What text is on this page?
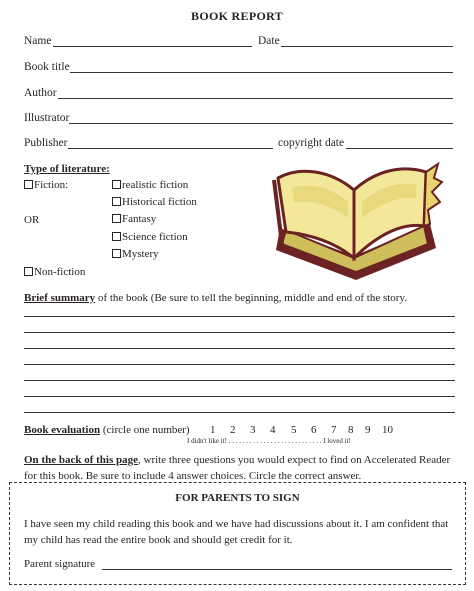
BOOK REPORT
Name	Date
Book title
Author
Illustrator
Publisher	copyright date
Type of literature:
Fiction:	realistic fiction
Historical fiction
OR	Fantasy
Science fiction
Mystery
Non-fiction
Brief summary of the book (Be sure to tell the beginning, middle and end of the story.
Book evaluation (circle one number) 1 2 3 4 5 6 7 8 9 10
I didn't like it! . . . . . . . . . . . . . . . . . . . . . . . . . . . I loved it!
On the back of this page, write three questions you would expect to find on Accelerated Reader for this book. Be sure to include 4 answer choices. Circle the correct answer.
FOR PARENTS TO SIGN
I have seen my child reading this book and we have had discussions about it. I am confident that my child has read the entire book and should get credit for it.
Parent signature
